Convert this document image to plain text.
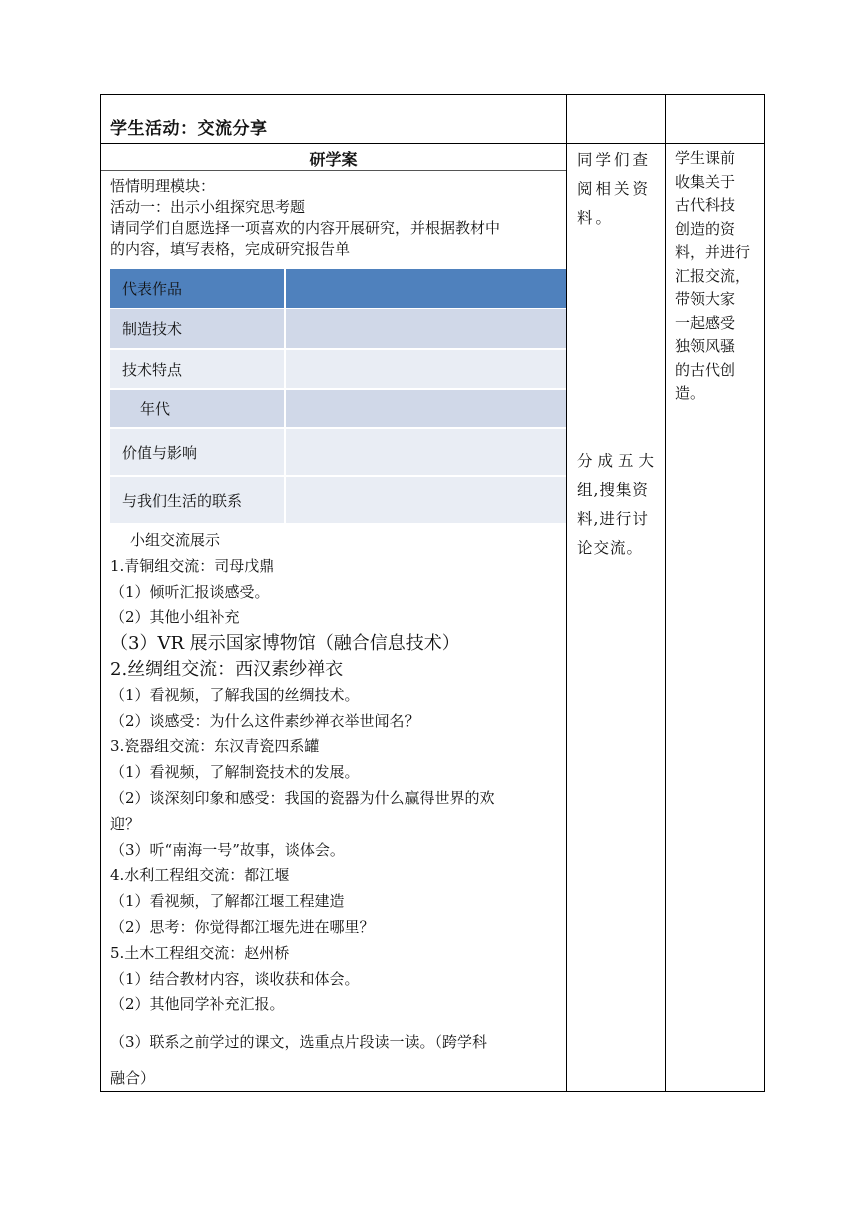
学生活动：交流分享
研学案
悟情明理模块：
活动一：出示小组探究思考题
请同学们自愿选择一项喜欢的内容开展研究，并根据教材中
的内容，填写表格，完成研究报告单
代表作品
制造技术
技术特点
年代
价值与影响
与我们生活的联系
小组交流展示
1.青铜组交流：司母戊鼎
（1）倾听汇报谈感受。
（2）其他小组补充
（3）VR 展示国家博物馆（融合信息技术）
2.丝绸组交流：西汉素纱禅衣
（1）看视频，了解我国的丝绸技术。
（2）谈感受：为什么这件素纱禅衣举世闻名？
3.瓷器组交流：东汉青瓷四系罐
（1）看视频，了解制瓷技术的发展。
（2）谈深刻印象和感受：我国的瓷器为什么赢得世界的欢
迎？
（3）听“南海一号”故事，谈体会。
4.水利工程组交流：都江堰
（1）看视频，了解都江堰工程建造
（2）思考：你觉得都江堰先进在哪里？
5.土木工程组交流：赵州桥
（1）结合教材内容，谈收获和体会。
（2）其他同学补充汇报。
（3）联系之前学过的课文，选重点片段读一读。（跨学科
融合）
同学们查
阅相关资
料。
分成五大
组,搜集资
料,进行讨
论交流。
学生课前
收集关于
古代科技
创造的资
料，并进行
汇报交流，
带领大家
一起感受
独领风骚
的古代创
造。
